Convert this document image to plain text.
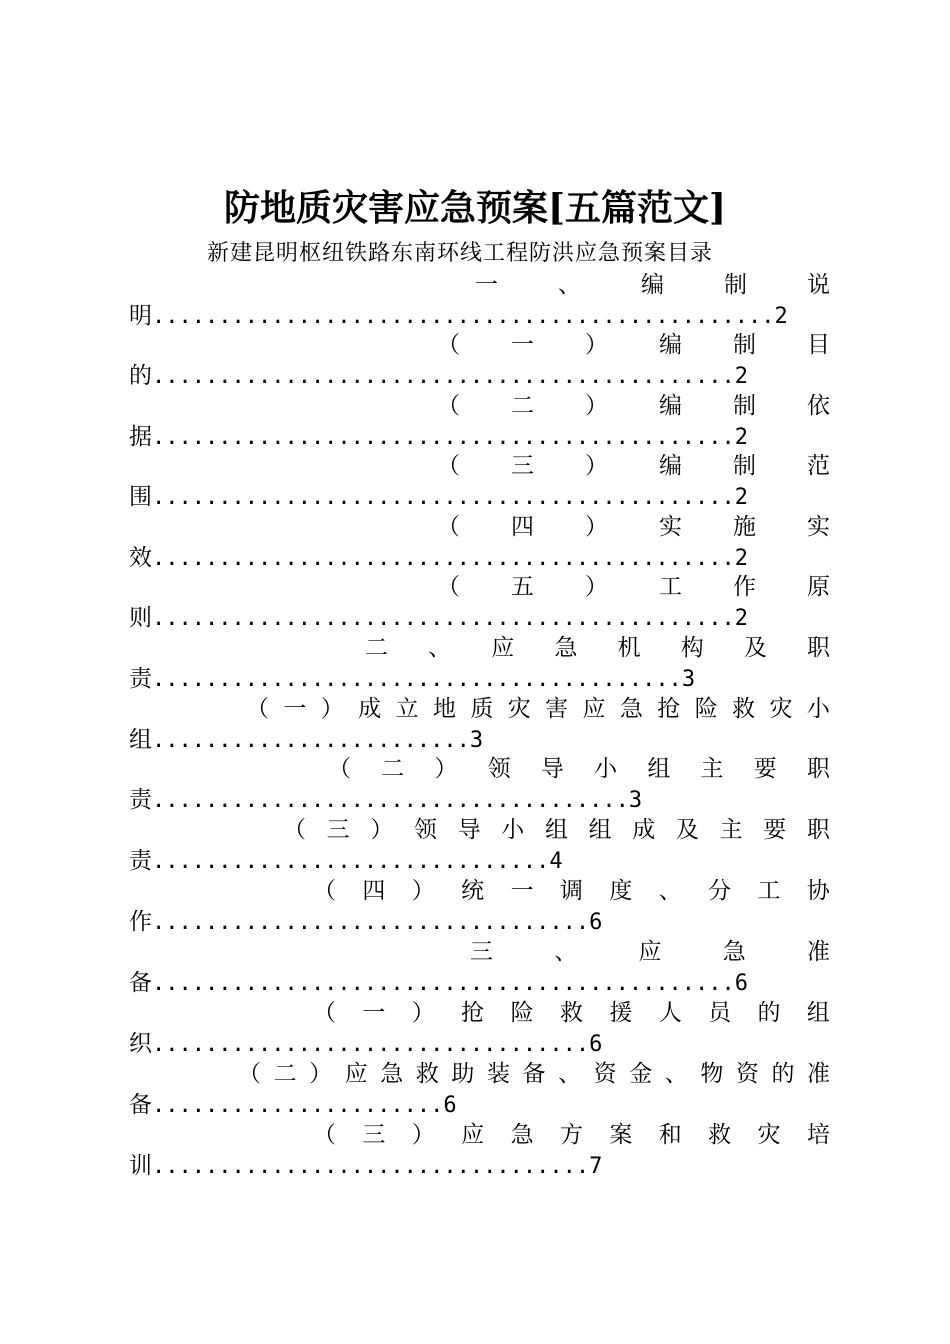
防地质灾害应急预案[五篇范文]
新建昆明枢纽铁路东南环线工程防洪应急预案目录
一	、	编	制	说
明...............................................2
（ 一 ） 编 制 目
的............................................2
（ 二 ） 编 制 依
据............................................2
（ 三 ） 编 制 范
围............................................2
（ 四 ） 实 施 实
效............................................2
（ 五 ） 工 作 原
则............................................2
二 、 应 急 机 构 及 职
责........................................3
（ 一 ） 成 立 地 质 灾 害 应 急 抢 险 救 灾 小
组........................3
（ 二 ） 领 导 小 组 主 要 职
责....................................3
（ 三 ） 领 导 小 组 组 成 及 主 要 职
责..............................4
（ 四 ） 统 一 调 度 、 分 工 协
作.................................6
三	、	应	急	准
备............................................6
（ 一 ） 抢 险 救 援 人 员 的 组
织.................................6
（ 二 ） 应 急 救 助 装 备 、 资 金 、 物 资 的 准
备......................6
（ 三 ） 应 急 方 案 和 救 灾 培
训.................................7
